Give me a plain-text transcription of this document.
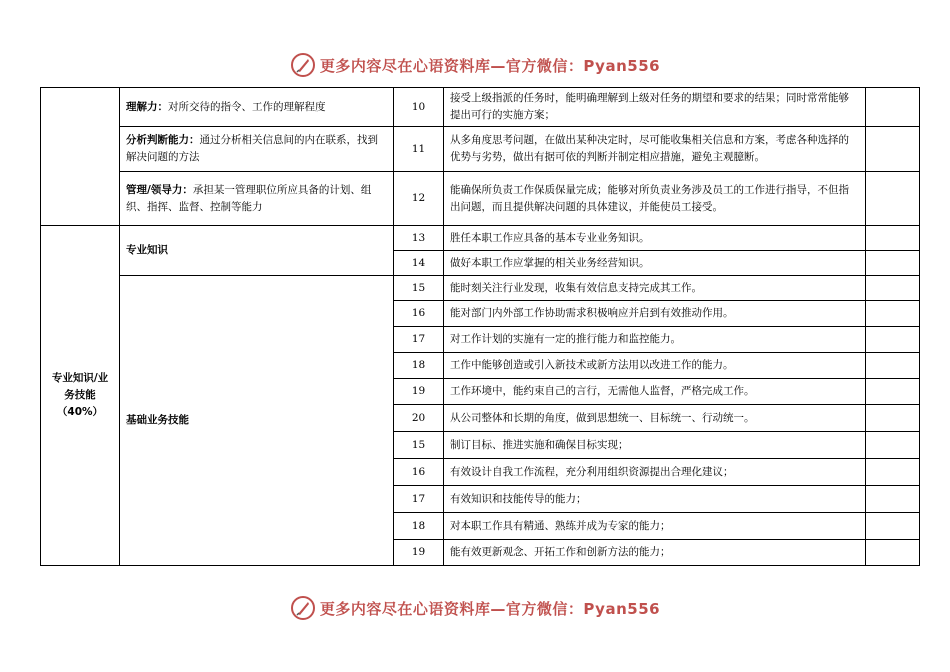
更多内容尽在心语资料库—官方微信：Pyan556
	理解力：对所交待的指令、工作的理解程度	10	接受上级指派的任务时，能明确理解到上级对任务的期望和要求的结果；同时常常能够提出可行的实施方案；	
	分析判断能力：通过分析相关信息间的内在联系，找到解决问题的方法	11	从多角度思考问题，在做出某种决定时，尽可能收集相关信息和方案，考虑各种选择的优势与劣势，做出有据可依的判断并制定相应措施，避免主观臆断。	
	管理/领导力：承担某一管理职位所应具备的计划、组织、指挥、监督、控制等能力	12	能确保所负责工作保质保量完成；能够对所负责业务涉及员工的工作进行指导，不但指出问题，而且提供解决问题的具体建议，并能使员工接受。	

专业知识/业
务技能
（40%）	专业知识	13	胜任本职工作应具备的基本专业业务知识。	
		14	做好本职工作应掌握的相关业务经营知识。	
	基础业务技能	15	能时刻关注行业发现，收集有效信息支持完成其工作。	
		16	能对部门内外部工作协助需求积极响应并启到有效推动作用。	
		17	对工作计划的实施有一定的推行能力和监控能力。	
		18	工作中能够创造或引入新技术或新方法用以改进工作的能力。	
		19	工作环境中，能约束自己的言行，无需他人监督，严格完成工作。	
		20	从公司整体和长期的角度，做到思想统一、目标统一、行动统一。	
		15	制订目标、推进实施和确保目标实现；	
		16	有效设计自我工作流程，充分利用组织资源提出合理化建议；	
		17	有效知识和技能传导的能力；	
		18	对本职工作具有精通、熟练并成为专家的能力；	
		19	能有效更新观念、开拓工作和创新方法的能力；	
更多内容尽在心语资料库—官方微信：Pyan556
